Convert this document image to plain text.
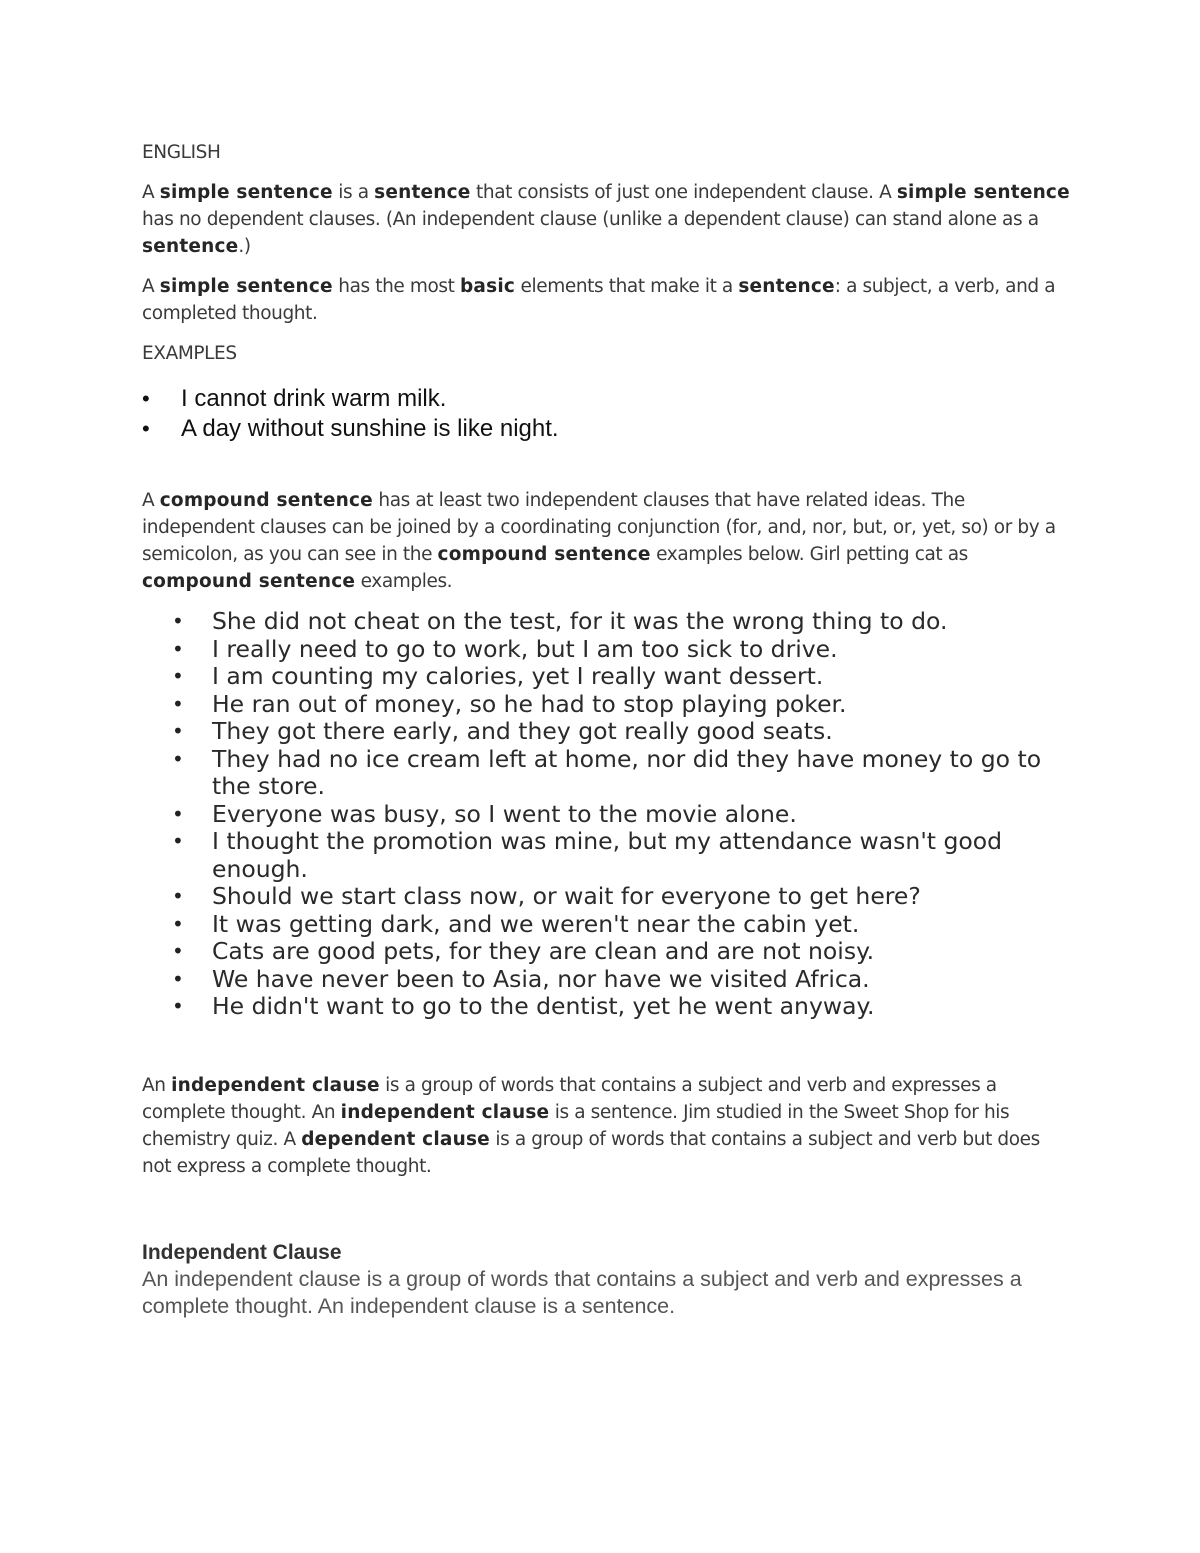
ENGLISH

A simple sentence is a sentence that consists of just one independent clause. A simple sentence has no dependent clauses. (An independent clause (unlike a dependent clause) can stand alone as a sentence.)

A simple sentence has the most basic elements that make it a sentence: a subject, a verb, and a completed thought.

EXAMPLES

• I cannot drink warm milk.
• A day without sunshine is like night.

A compound sentence has at least two independent clauses that have related ideas. The independent clauses can be joined by a coordinating conjunction (for, and, nor, but, or, yet, so) or by a semicolon, as you can see in the compound sentence examples below. Girl petting cat as compound sentence examples.

• She did not cheat on the test, for it was the wrong thing to do.
• I really need to go to work, but I am too sick to drive.
• I am counting my calories, yet I really want dessert.
• He ran out of money, so he had to stop playing poker.
• They got there early, and they got really good seats.
• They had no ice cream left at home, nor did they have money to go to the store.
• Everyone was busy, so I went to the movie alone.
• I thought the promotion was mine, but my attendance wasn't good enough.
• Should we start class now, or wait for everyone to get here?
• It was getting dark, and we weren't near the cabin yet.
• Cats are good pets, for they are clean and are not noisy.
• We have never been to Asia, nor have we visited Africa.
• He didn't want to go to the dentist, yet he went anyway.

An independent clause is a group of words that contains a subject and verb and expresses a complete thought. An independent clause is a sentence. Jim studied in the Sweet Shop for his chemistry quiz. A dependent clause is a group of words that contains a subject and verb but does not express a complete thought.

Independent Clause

An independent clause is a group of words that contains a subject and verb and expresses a complete thought. An independent clause is a sentence.
